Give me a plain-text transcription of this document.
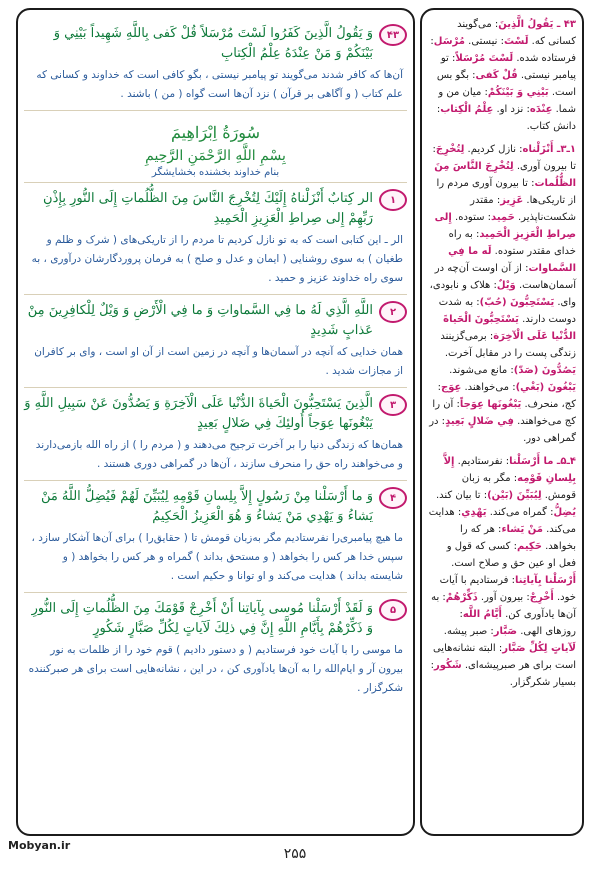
۴۳
وَ يَقُولُ الَّذِينَ كَفَرُوا لَسْتَ مُرْسَلاً قُلْ كَفى بِاللَّهِ شَهِيداً بَيْنِي وَ بَيْنَكُمْ وَ مَنْ عِنْدَهُ عِلْمُ الْكِتابِ
آن‌ها که کافر شدند می‌گویند تو پیامبر نیستی ، بگو کافی است که خداوند و کسانی که علم کتاب ( و آگاهی بر قرآن ) نزد آن‌ها است گواه ( من ) باشند .
سُورَةُ اِبْرَاهِيمَ
بِسْمِ اللَّهِ الرَّحْمَنِ الرَّحِيمِ
بنام خداوند بخشنده بخشایشگر
۱
الر كِتابٌ أَنْزَلْناهُ إِلَيْكَ لِتُخْرِجَ النَّاسَ مِنَ الظُّلُماتِ إِلَى النُّورِ بِإِذْنِ رَبِّهِمْ إِلى صِراطِ الْعَزِيزِ الْحَمِيدِ
الر ـ این کتابی است که به تو نازل کردیم تا مردم را از تاریکی‌های ( شرک و ظلم و طغیان ) به سوی روشنایی ( ایمان و عدل و صلح ) به فرمان پروردگارشان درآوری ، به سوی راه خداوند عزیز و حمید .
۲
اللَّهِ الَّذِي لَهُ ما فِي السَّماواتِ وَ ما فِي الْأَرْضِ وَ وَيْلٌ لِلْكافِرِينَ مِنْ عَذابٍ شَدِيدٍ
همان خدایی که آنچه در آسمان‌ها و آنچه در زمین است از آن او است ، وای بر کافران از مجازات شدید .
۳
الَّذِينَ يَسْتَحِبُّونَ الْحَياةَ الدُّنْيا عَلَى الْآخِرَةِ وَ يَصُدُّونَ عَنْ سَبِيلِ اللَّهِ وَ يَبْغُونَها عِوَجاً أُولئِكَ فِي ضَلالٍ بَعِيدٍ
همان‌ها که زندگی دنیا را بر آخرت ترجیح می‌دهند و ( مردم را ) از راه الله بازمی‌دارند و می‌خواهند راه حق را منحرف سازند ، آن‌ها در گمراهی دوری هستند .
۴
وَ ما أَرْسَلْنا مِنْ رَسُولٍ إِلاَّ بِلِسانِ قَوْمِهِ لِيُبَيِّنَ لَهُمْ فَيُضِلُّ اللَّهُ مَنْ يَشاءُ وَ يَهْدِي مَنْ يَشاءُ وَ هُوَ الْعَزِيزُ الْحَكِيمُ
ما هیچ پیامبری‌را نفرستادیم مگر به‌زبان قومش تا ( حقایق‌را ) برای آن‌ها آشکار سازد ، سپس خدا هر کس را بخواهد ( و مستحق بداند ) گمراه و هر کس را بخواهد ( و شایسته بداند ) هدایت می‌کند و او توانا و حکیم است .
۵
وَ لَقَدْ أَرْسَلْنا مُوسى بِآياتِنا أَنْ أَخْرِجْ قَوْمَكَ مِنَ الظُّلُماتِ إِلَى النُّورِ وَ ذَكِّرْهُمْ بِأَيَّامِ اللَّهِ إِنَّ فِي ذلِكَ لَآياتٍ لِكُلِّ صَبَّارٍ شَكُورٍ
ما موسی را با آیات خود فرستادیم ( و دستور دادیم ) قوم خود را از ظلمات به نور بیرون آر و ایام‌الله را به آن‌ها یادآوری کن ، در این ، نشانه‌هایی است برای هر صبرکننده شکرگزار .
۴۳ ـ يَقُولُ الَّذِينَ: می‌گویند کسانی که. لَسْتَ: نیستی. مُرْسَل: فرستاده شده. لَسْتَ مُرْسَلاً: تو پیامبر نیستی. قُلْ كَفى: بگو بس است. بَيْنِي وَ بَيْنَكُمْ: میان من و شما. عِنْدَه: نزد او. عِلْمُ الْكِتاب: دانش کتاب.
۱ـ۳ـ أَنْزَلْناه: نازل کردیم. لِتُخْرِجَ: تا بیرون آوری. لِتُخْرِجَ النَّاسَ مِنَ الظُّلُمات: تا بیرون آوری مردم را از تاریکی‌ها. عَزِيز: مقتدر شکست‌ناپذیر. حَمِيد: ستوده. إِلى صِراطِ الْعَزِيزِ الْحَمِيد: به راه خدای مقتدر ستوده. لَه ما فِي السَّماوات: از آن اوست آن‌چه در آسمان‌هاست. وَيْلٌ: هلاک و نابودی، وای. يَسْتَحِبُّونَ (حُبّ): به شدت دوست دارند. يَسْتَحِبُّونَ الْحَياةَ الدُّنْيا عَلَى الْآخِرَة: برمی‌گزینند زندگی پست را در مقابل آخرت. يَصُدُّونَ (صَدّ): مانع می‌شوند. يَبْغُونَ (بَغْي): می‌خواهند. عِوَج: کج، منحرف. يَبْغُونَها عِوَجاً: آن را کج می‌خواهند. فِي ضَلالٍ بَعِيدٍ: در گمراهی دور.
۴ـ۵ـ ما أَرْسَلْنا: نفرستادیم. إِلاَّ بِلِسانِ قَوْمِه: مگر به زبان قومش. لِيُبَيِّنَ (بَيْن): تا بیان کند. يُضِلُّ: گمراه می‌کند. يَهْدِي: هدایت می‌کند. مَنْ يَشاء: هر که را بخواهد. حَكِيم: کسی که قول و فعل او عین حق و صلاح است. أَرْسَلْنا بِآياتِنا: فرستادیم با آیات خود. أَخْرِجْ: بیرون آور. ذَكِّرْهُمْ: به آن‌ها یادآوری کن. أَيَّامُ اللَّه: روزهای الهی. صَبَّار: صبر پیشه. لَآياتٍ لِكُلِّ صَبَّار: البته نشانه‌هایی است برای هر صبرپیشه‌ای. شَكُور: بسیار شکرگزار.
Mobyan.ir
۲۵۵
